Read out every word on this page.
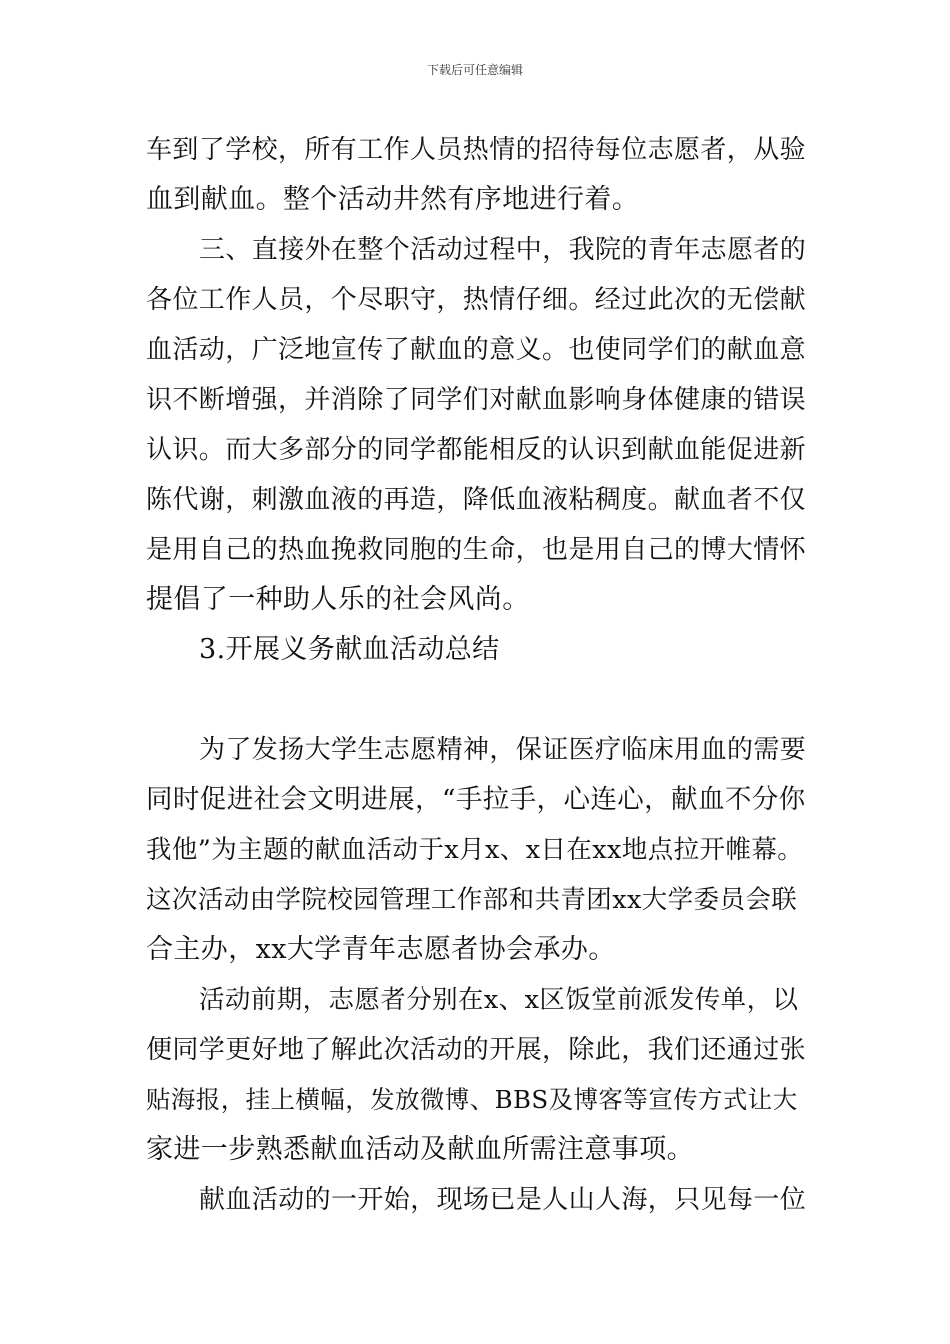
下载后可任意编辑
车到了学校，所有工作人员热情的招待每位志愿者，从验
血到献血。整个活动井然有序地进行着。
三、直接外在整个活动过程中，我院的青年志愿者的
各位工作人员，个尽职守，热情仔细。经过此次的无偿献
血活动，广泛地宣传了献血的意义。也使同学们的献血意
识不断增强，并消除了同学们对献血影响身体健康的错误
认识。而大多部分的同学都能相反的认识到献血能促进新
陈代谢，刺激血液的再造，降低血液粘稠度。献血者不仅
是用自己的热血挽救同胞的生命，也是用自己的博大情怀
提倡了一种助人乐的社会风尚。
3.开展义务献血活动总结
为了发扬大学生志愿精神，保证医疗临床用血的需要
同时促进社会文明进展，“手拉手，心连心，献血不分你
我他”为主题的献血活动于x月x、x日在xx地点拉开帷幕。
这次活动由学院校园管理工作部和共青团xx大学委员会联
合主办，xx大学青年志愿者协会承办。
活动前期，志愿者分别在x、x区饭堂前派发传单，以
便同学更好地了解此次活动的开展，除此，我们还通过张
贴海报，挂上横幅，发放微博、BBS及博客等宣传方式让大
家进一步熟悉献血活动及献血所需注意事项。
献血活动的一开始，现场已是人山人海，只见每一位
